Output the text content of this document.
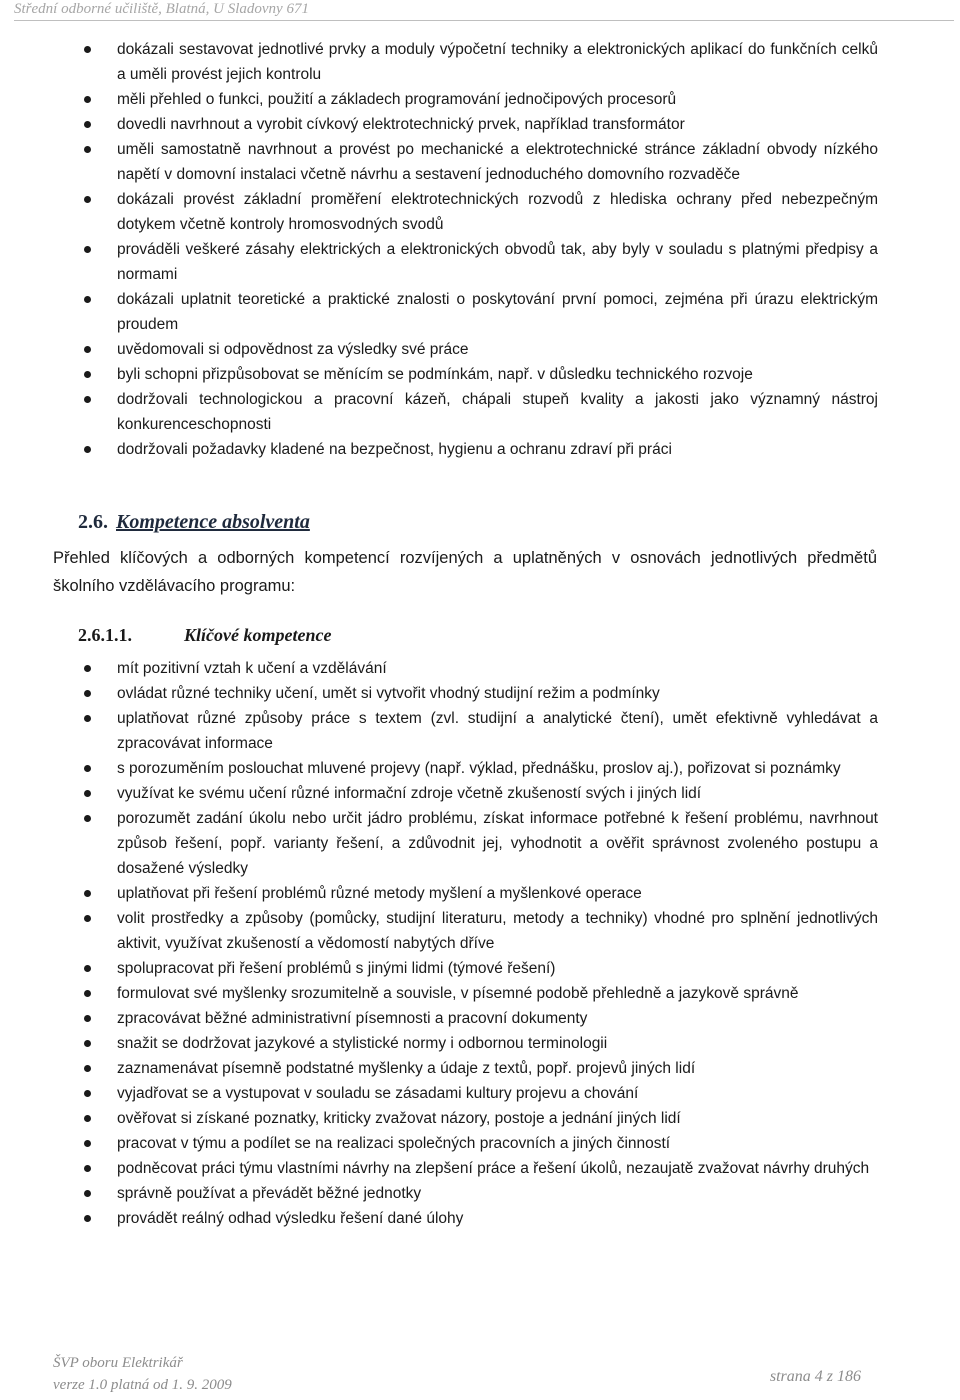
Střední odborné učiliště, Blatná, U Sladovny 671
dokázali sestavovat jednotlivé prvky a moduly výpočetní techniky a elektronických aplikací do funkčních celků a uměli provést jejich kontrolu
měli přehled o funkci, použití a základech programování jednočipových procesorů
dovedli navrhnout a vyrobit cívkový elektrotechnický prvek, například transformátor
uměli samostatně navrhnout a provést po mechanické a elektrotechnické stránce základní obvody nízkého napětí v domovní instalaci včetně návrhu a sestavení jednoduchého domovního rozvaděče
dokázali provést základní proměření elektrotechnických rozvodů z hlediska ochrany před nebezpečným dotykem včetně kontroly hromosvodných svodů
prováděli veškeré zásahy elektrických a elektronických obvodů tak, aby byly v souladu s platnými předpisy a normami
dokázali uplatnit teoretické a praktické znalosti o poskytování první pomoci, zejména při úrazu elektrickým proudem
uvědomovali si odpovědnost za výsledky své práce
byli schopni přizpůsobovat se měnícím se podmínkám, např. v důsledku technického rozvoje
dodržovali technologickou a pracovní kázeň, chápali stupeň kvality a jakosti jako významný nástroj konkurenceschopnosti
dodržovali požadavky kladené na bezpečnost, hygienu a ochranu zdraví při práci
2.6. Kompetence absolventa

Přehled klíčových a odborných kompetencí rozvíjených a uplatněných v osnovách jednotlivých předmětů školního vzdělávacího programu:

2.6.1.1.	Klíčové kompetence
mít pozitivní vztah k učení a vzdělávání
ovládat různé techniky učení, umět si vytvořit vhodný studijní režim a podmínky
uplatňovat různé způsoby práce s textem (zvl. studijní a analytické čtení), umět efektivně vyhledávat a zpracovávat informace
s porozuměním poslouchat mluvené projevy (např. výklad, přednášku, proslov aj.), pořizovat si poznámky
využívat ke svému učení různé informační zdroje včetně zkušeností svých i jiných lidí
porozumět zadání úkolu nebo určit jádro problému, získat informace potřebné k řešení problému, navrhnout způsob řešení, popř. varianty řešení, a zdůvodnit jej, vyhodnotit a ověřit správnost zvoleného postupu a dosažené výsledky
uplatňovat při řešení problémů různé metody myšlení a myšlenkové operace
volit prostředky a způsoby (pomůcky, studijní literaturu, metody a techniky) vhodné pro splnění jednotlivých aktivit, využívat zkušeností a vědomostí nabytých dříve
spolupracovat při řešení problémů s jinými lidmi (týmové řešení)
formulovat své myšlenky srozumitelně a souvisle, v písemné podobě přehledně a jazykově správně
zpracovávat běžné administrativní písemnosti a pracovní dokumenty
snažit se dodržovat jazykové a stylistické normy i odbornou terminologii
zaznamenávat písemně podstatné myšlenky a údaje z textů, popř. projevů jiných lidí
vyjadřovat se a vystupovat v souladu se zásadami kultury projevu a chování
ověřovat si získané poznatky, kriticky zvažovat názory, postoje a jednání jiných lidí
pracovat v týmu a podílet se na realizaci společných pracovních a jiných činností
podněcovat práci týmu vlastními návrhy na zlepšení práce a řešení úkolů, nezaujatě zvažovat návrhy druhých
správně používat a převádět běžné jednotky
provádět reálný odhad výsledku řešení dané úlohy
ŠVP oboru Elektrikář
verze 1.0 platná od 1. 9. 2009	strana 4 z 186
